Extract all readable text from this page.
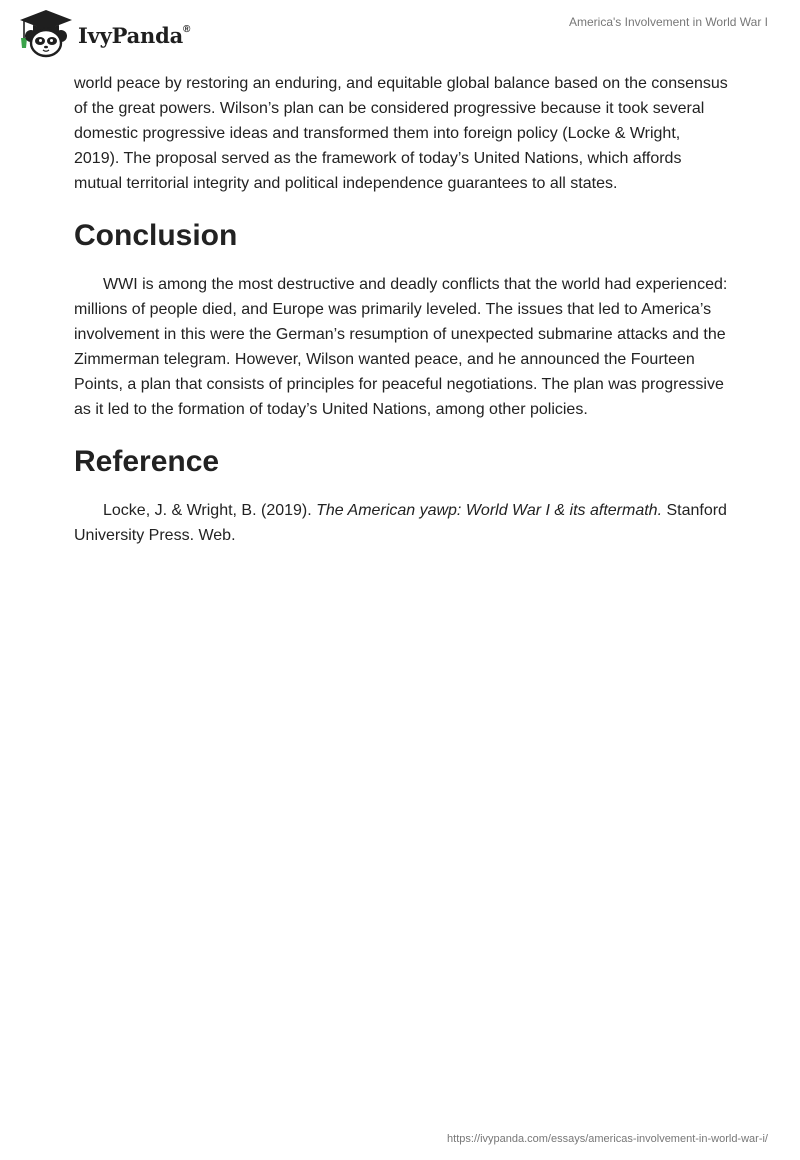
IvyPanda®	America's Involvement in World War I

world peace by restoring an enduring, and equitable global balance based on the consensus of the great powers. Wilson’s plan can be considered progressive because it took several domestic progressive ideas and transformed them into foreign policy (Locke & Wright, 2019). The proposal served as the framework of today’s United Nations, which affords mutual territorial integrity and political independence guarantees to all states.

Conclusion

WWI is among the most destructive and deadly conflicts that the world had experienced: millions of people died, and Europe was primarily leveled. The issues that led to America’s involvement in this were the German’s resumption of unexpected submarine attacks and the Zimmerman telegram. However, Wilson wanted peace, and he announced the Fourteen Points, a plan that consists of principles for peaceful negotiations. The plan was progressive as it led to the formation of today’s United Nations, among other policies.

Reference

Locke, J. & Wright, B. (2019). The American yawp: World War I & its aftermath. Stanford University Press. Web.

https://ivypanda.com/essays/americas-involvement-in-world-war-i/
